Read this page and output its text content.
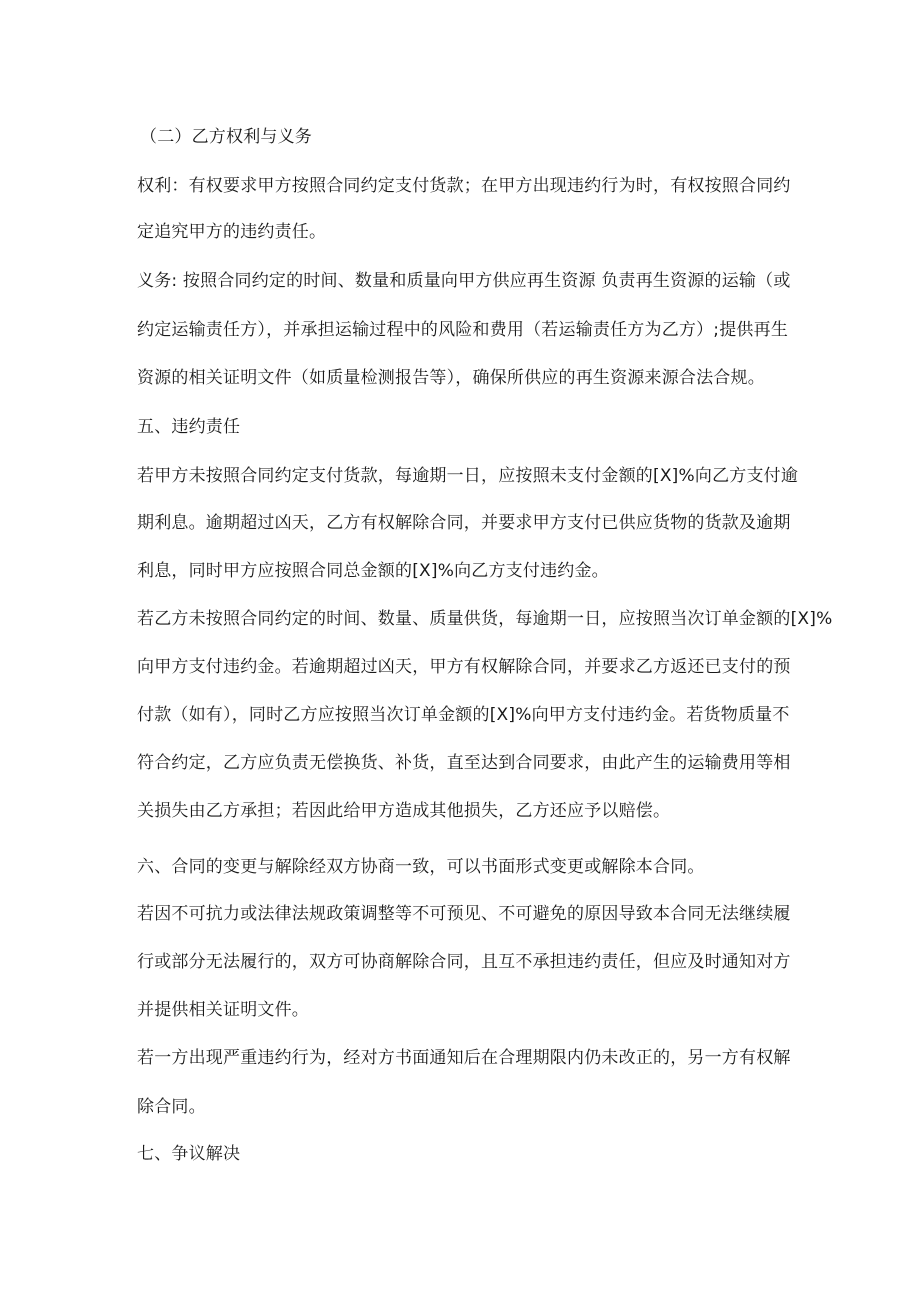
（二）乙方权利与义务
权利：有权要求甲方按照合同约定支付货款；在甲方出现违约行为时，有权按照合同约
定追究甲方的违约责任。
义务: 按照合同约定的时间、数量和质量向甲方供应再生资源 负责再生资源的运输（或
约定运输责任方），并承担运输过程中的风险和费用（若运输责任方为乙方）;提供再生
资源的相关证明文件（如质量检测报告等），确保所供应的再生资源来源合法合规。
五、违约责任
若甲方未按照合同约定支付货款，每逾期一日，应按照未支付金额的[X]%向乙方支付逾
期利息。逾期超过凶天，乙方有权解除合同，并要求甲方支付已供应货物的货款及逾期
利息，同时甲方应按照合同总金额的[X]%向乙方支付违约金。
若乙方未按照合同约定的时间、数量、质量供货，每逾期一日，应按照当次订单金额的[X]%
向甲方支付违约金。若逾期超过凶天，甲方有权解除合同，并要求乙方返还已支付的预
付款（如有），同时乙方应按照当次订单金额的[X]%向甲方支付违约金。若货物质量不
符合约定，乙方应负责无偿换货、补货，直至达到合同要求，由此产生的运输费用等相
关损失由乙方承担；若因此给甲方造成其他损失，乙方还应予以赔偿。
六、合同的变更与解除经双方协商一致，可以书面形式变更或解除本合同。
若因不可抗力或法律法规政策调整等不可预见、不可避免的原因导致本合同无法继续履
行或部分无法履行的，双方可协商解除合同，且互不承担违约责任，但应及时通知对方
并提供相关证明文件。
若一方出现严重违约行为，经对方书面通知后在合理期限内仍未改正的，另一方有权解
除合同。
七、争议解决
